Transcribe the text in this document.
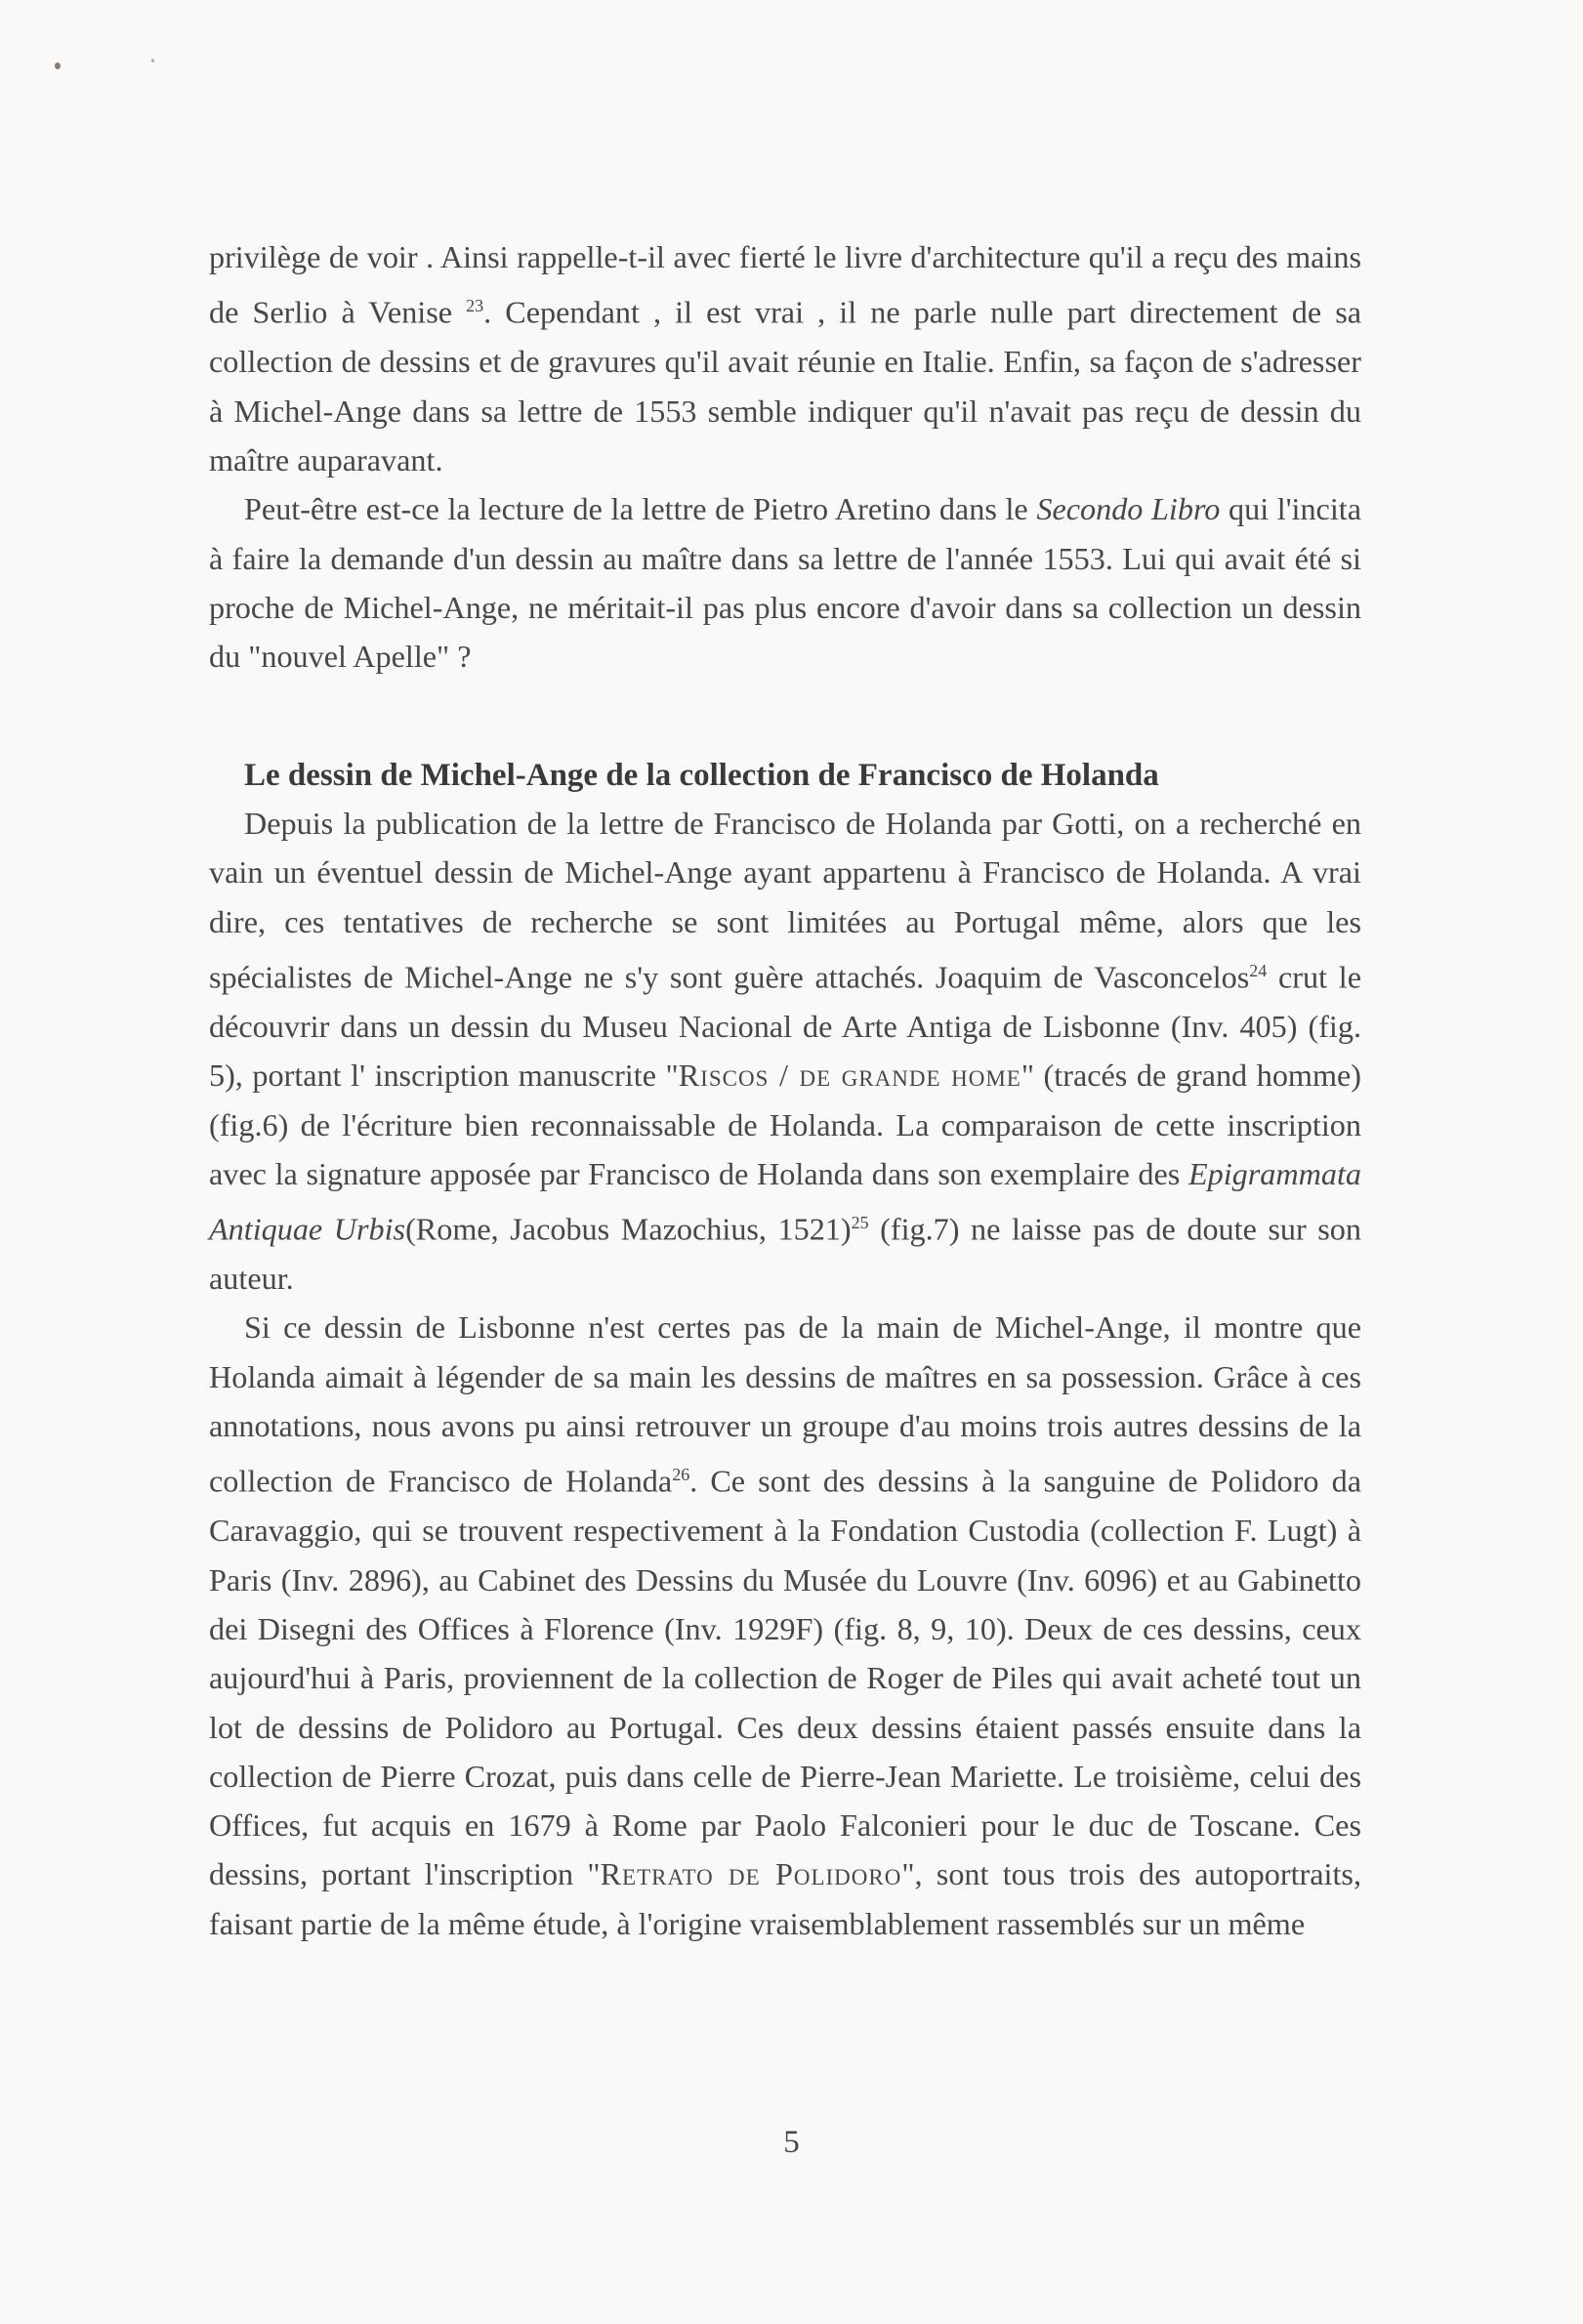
privilège de voir . Ainsi rappelle-t-il avec fierté le livre d'architecture qu'il a reçu des mains de Serlio à Venise $^{23}$. Cependant , il est vrai , il ne parle nulle part directement de sa collection de dessins et de gravures qu'il avait réunie en Italie. Enfin, sa façon de s'adresser à Michel-Ange dans sa lettre de 1553 semble indiquer qu'il n'avait pas reçu de dessin du maître auparavant.

Peut-être est-ce la lecture de la lettre de Pietro Aretino dans le Secondo Libro qui l'incita à faire la demande d'un dessin au maître dans sa lettre de l'année 1553. Lui qui avait été si proche de Michel-Ange, ne méritait-il pas plus encore d'avoir dans sa collection un dessin du "nouvel Apelle" ?

Le dessin de Michel-Ange de la collection de Francisco de Holanda

Depuis la publication de la lettre de Francisco de Holanda par Gotti, on a recherché en vain un éventuel dessin de Michel-Ange ayant appartenu à Francisco de Holanda. A vrai dire, ces tentatives de recherche se sont limitées au Portugal même, alors que les spécialistes de Michel-Ange ne s'y sont guère attachés. Joaquim de Vasconcelos$^{24}$ crut le découvrir dans un dessin du Museu Nacional de Arte Antiga de Lisbonne (Inv. 405) (fig. 5), portant l' inscription manuscrite "Riscos / de grande home" (tracés de grand homme) (fig.6) de l'écriture bien reconnaissable de Holanda. La comparaison de cette inscription avec la signature apposée par Francisco de Holanda dans son exemplaire des Epigrammata Antiquae Urbis(Rome, Jacobus Mazochius, 1521)$^{25}$ (fig.7) ne laisse pas de doute sur son auteur.

Si ce dessin de Lisbonne n'est certes pas de la main de Michel-Ange, il montre que Holanda aimait à légender de sa main les dessins de maîtres en sa possession. Grâce à ces annotations, nous avons pu ainsi retrouver un groupe d'au moins trois autres dessins de la collection de Francisco de Holanda$^{26}$. Ce sont des dessins à la sanguine de Polidoro da Caravaggio, qui se trouvent respectivement à la Fondation Custodia (collection F. Lugt) à Paris (Inv. 2896), au Cabinet des Dessins du Musée du Louvre (Inv. 6096) et au Gabinetto dei Disegni des Offices à Florence (Inv. 1929F) (fig. 8, 9, 10). Deux de ces dessins, ceux aujourd'hui à Paris, proviennent de la collection de Roger de Piles qui avait acheté tout un lot de dessins de Polidoro au Portugal. Ces deux dessins étaient passés ensuite dans la collection de Pierre Crozat, puis dans celle de Pierre-Jean Mariette. Le troisième, celui des Offices, fut acquis en 1679 à Rome par Paolo Falconieri pour le duc de Toscane. Ces dessins, portant l'inscription "Retrato de Polidoro", sont tous trois des autoportraits, faisant partie de la même étude, à l'origine vraisemblablement rassemblés sur un même

5
